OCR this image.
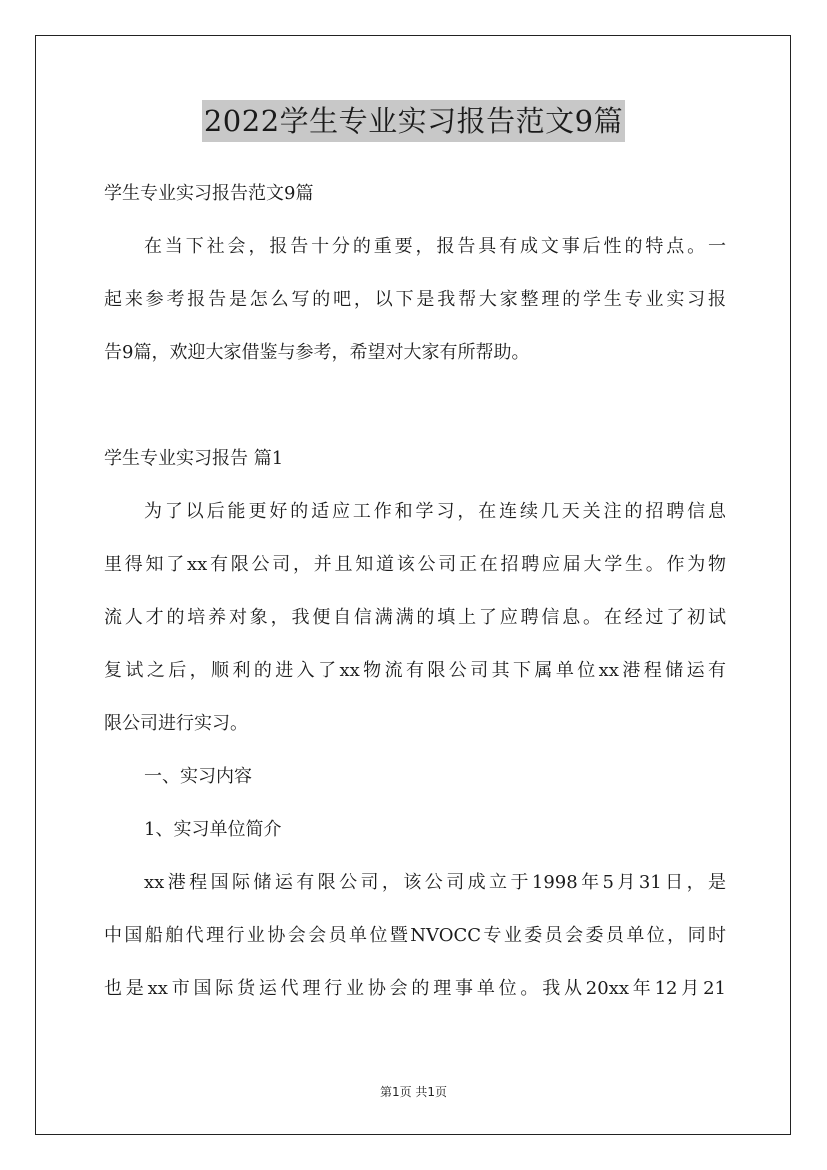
2022学生专业实习报告范文9篇

学生专业实习报告范文9篇

在当下社会，报告十分的重要，报告具有成文事后性的特点。一

起来参考报告是怎么写的吧，以下是我帮大家整理的学生专业实习报

告9篇，欢迎大家借鉴与参考，希望对大家有所帮助。

学生专业实习报告 篇1

为了以后能更好的适应工作和学习，在连续几天关注的招聘信息

里得知了xx有限公司，并且知道该公司正在招聘应届大学生。作为物

流人才的培养对象，我便自信满满的填上了应聘信息。在经过了初试

复试之后，顺利的进入了xx物流有限公司其下属单位xx港程储运有

限公司进行实习。

一、实习内容

1、实习单位简介

xx港程国际储运有限公司，该公司成立于1998年5月31日，是

中国船舶代理行业协会会员单位暨NVOCC专业委员会委员单位，同时

也是xx市国际货运代理行业协会的理事单位。我从20xx年12月21

第1页 共1页
